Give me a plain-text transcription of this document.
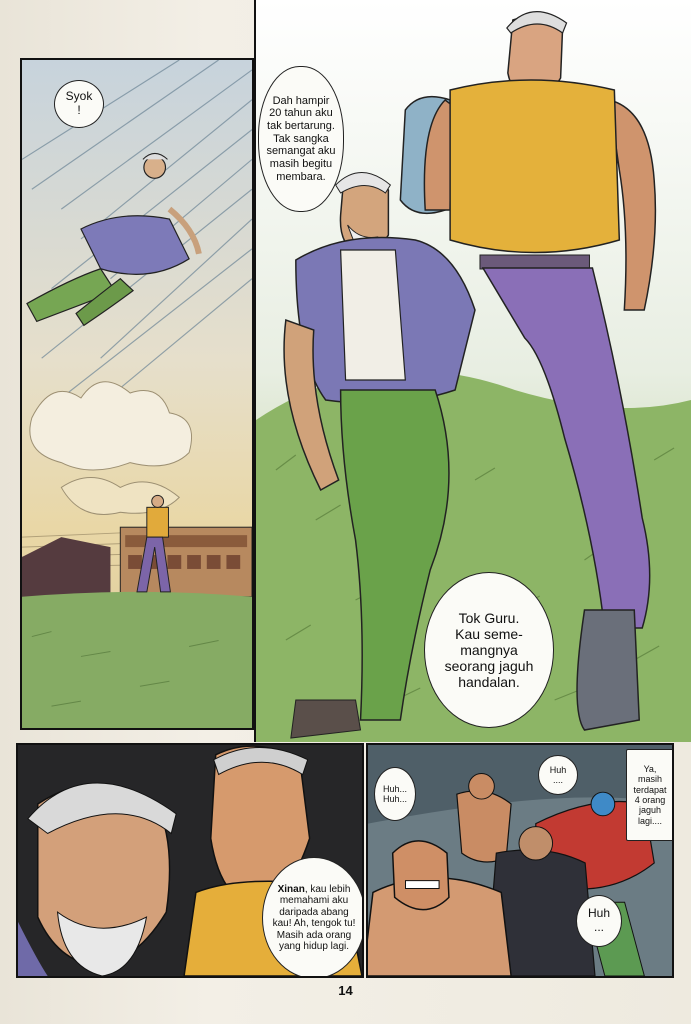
Syok
!
Dah hampir
20 tahun aku
tak bertarung.
Tak sangka
semangat aku
masih begitu
membara.
Tok Guru.
Kau seme-
mangnya
seorang jaguh
handalan.

Xinan, kau lebih memahami aku daripada abang kau! Ah, tengok tu! Masih ada orang yang hidup lagi.

Huh...
Huh...
Huh
....
Ya,
masih
terdapat
4 orang
jaguh
lagi....
Huh
...
14
